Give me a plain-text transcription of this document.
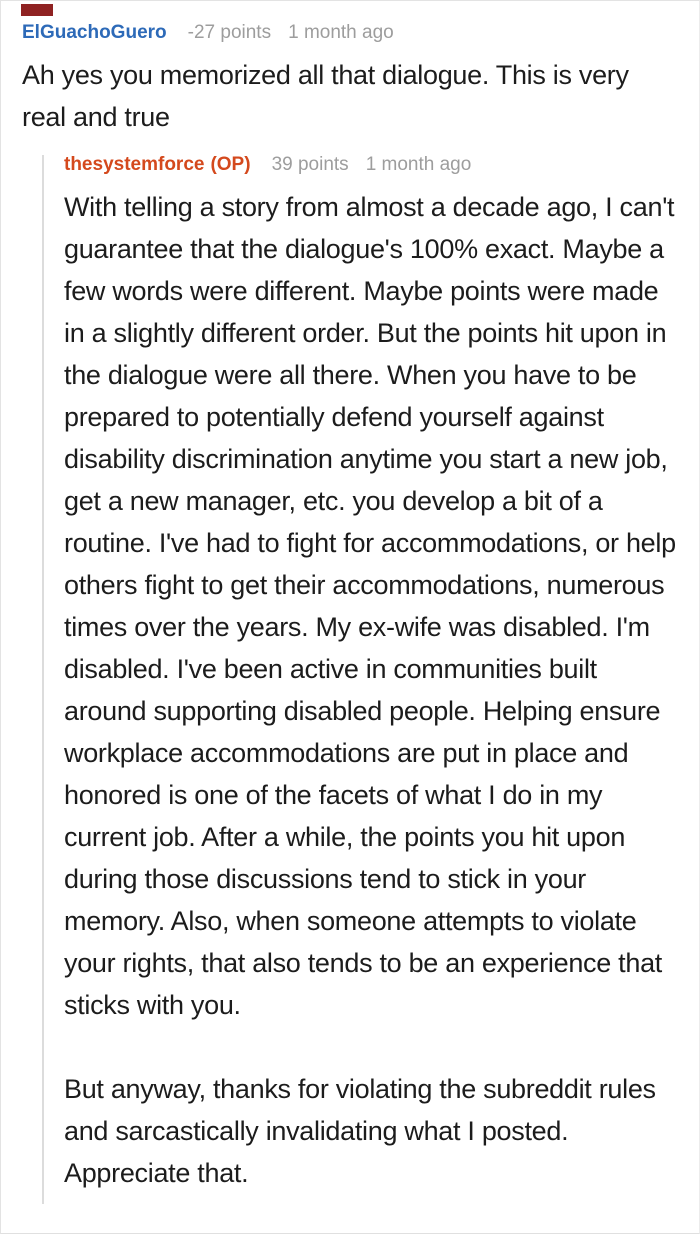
ElGuachoGuero -27 points 1 month ago

Ah yes you memorized all that dialogue. This is very real and true

thesystemforce (OP) 39 points 1 month ago

With telling a story from almost a decade ago, I can't guarantee that the dialogue's 100% exact. Maybe a few words were different. Maybe points were made in a slightly different order. But the points hit upon in the dialogue were all there. When you have to be prepared to potentially defend yourself against disability discrimination anytime you start a new job, get a new manager, etc. you develop a bit of a routine. I've had to fight for accommodations, or help others fight to get their accommodations, numerous times over the years. My ex-wife was disabled. I'm disabled. I've been active in communities built around supporting disabled people. Helping ensure workplace accommodations are put in place and honored is one of the facets of what I do in my current job. After a while, the points you hit upon during those discussions tend to stick in your memory. Also, when someone attempts to violate your rights, that also tends to be an experience that sticks with you.

But anyway, thanks for violating the subreddit rules and sarcastically invalidating what I posted. Appreciate that.
